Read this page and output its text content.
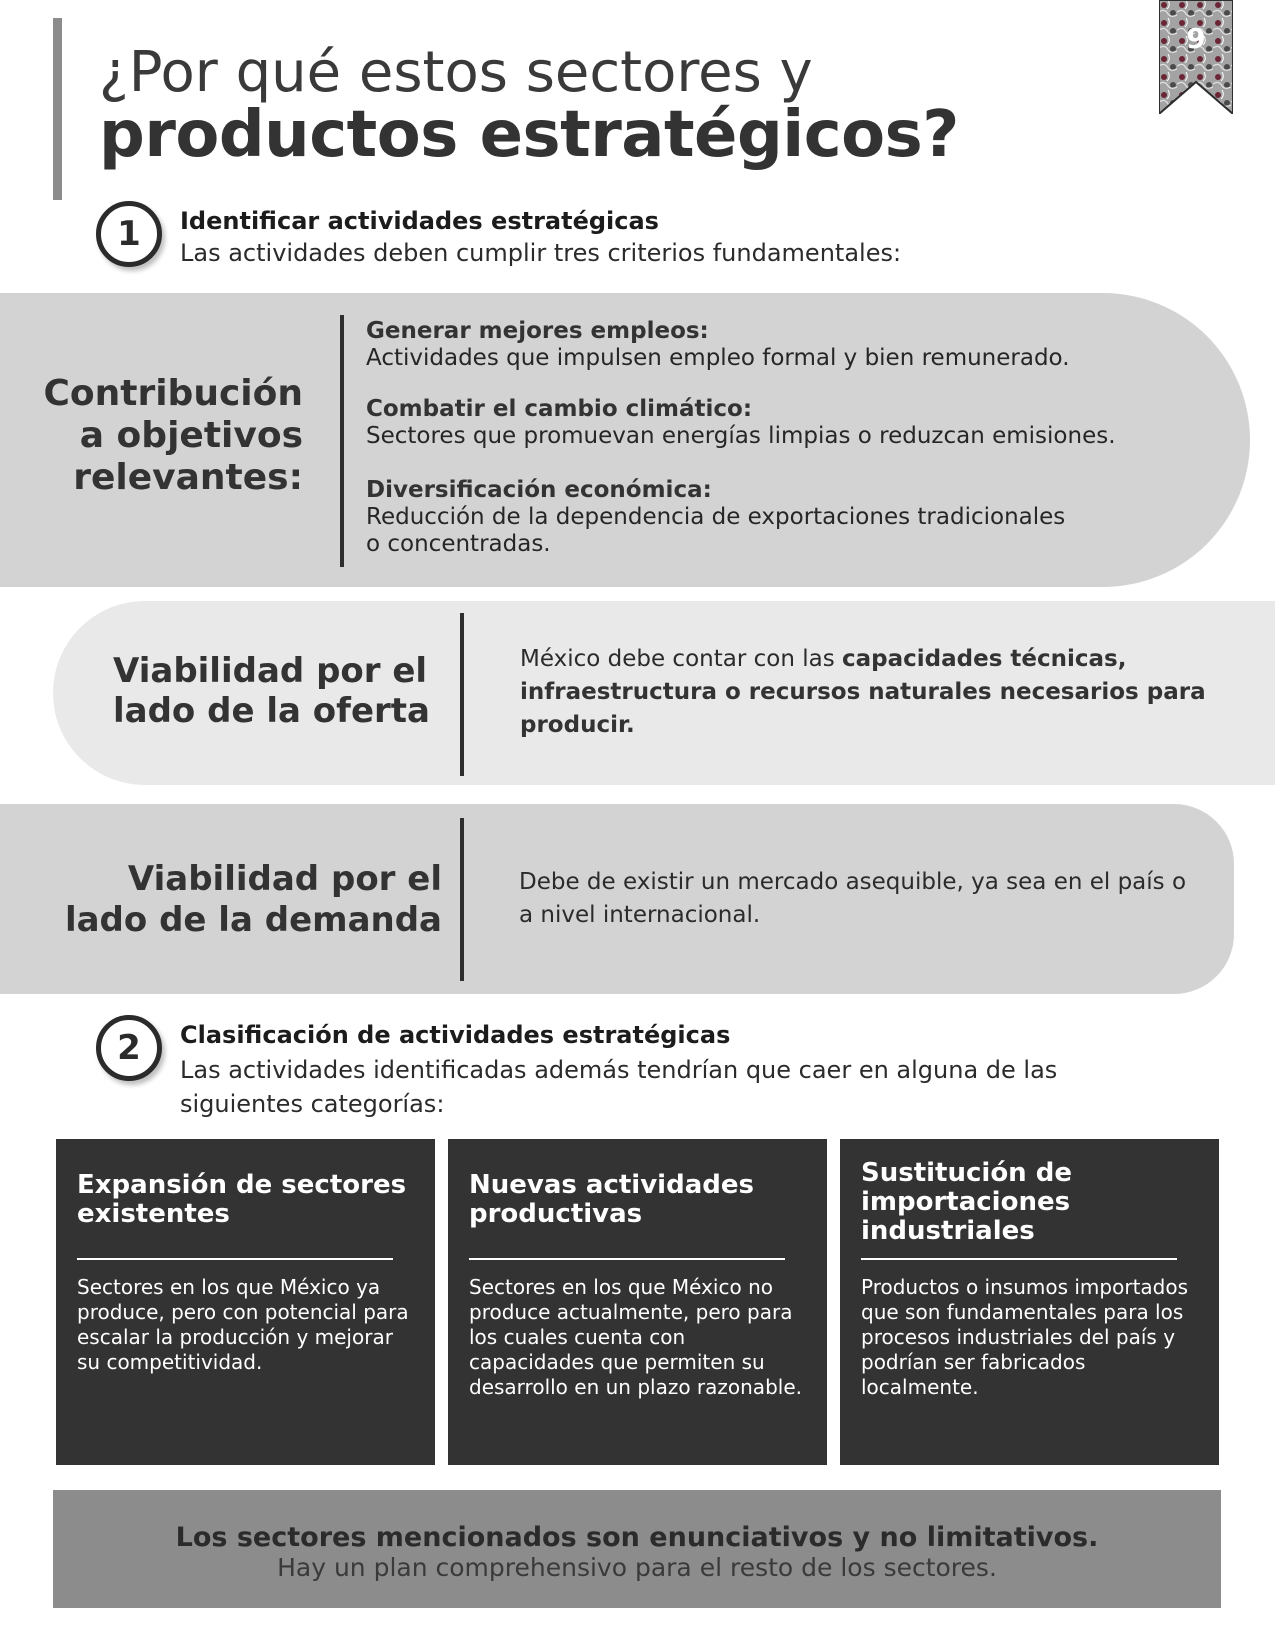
9
¿Por qué estos sectores y
productos estratégicos?
1	Identificar actividades estratégicas
Las actividades deben cumplir tres criterios fundamentales:
Contribución
a objetivos
relevantes:
Generar mejores empleos:
Actividades que impulsen empleo formal y bien remunerado.
Combatir el cambio climático:
Sectores que promuevan energías limpias o reduzcan emisiones.
Diversificación económica:
Reducción de la dependencia de exportaciones tradicionales
o concentradas.
Viabilidad por el
lado de la oferta
México debe contar con las capacidades técnicas, infraestructura o recursos naturales necesarios para producir.
Viabilidad por el
lado de la demanda
Debe de existir un mercado asequible, ya sea en el país o a nivel internacional.
2	Clasificación de actividades estratégicas
Las actividades identificadas además tendrían que caer en alguna de las siguientes categorías:
Expansión de sectores existentes
Sectores en los que México ya produce, pero con potencial para escalar la producción y mejorar su competitividad.
Nuevas actividades productivas
Sectores en los que México no produce actualmente, pero para los cuales cuenta con capacidades que permiten su desarrollo en un plazo razonable.
Sustitución de importaciones industriales
Productos o insumos importados que son fundamentales para los procesos industriales del país y podrían ser fabricados localmente.
Los sectores mencionados son enunciativos y no limitativos.
Hay un plan comprehensivo para el resto de los sectores.
